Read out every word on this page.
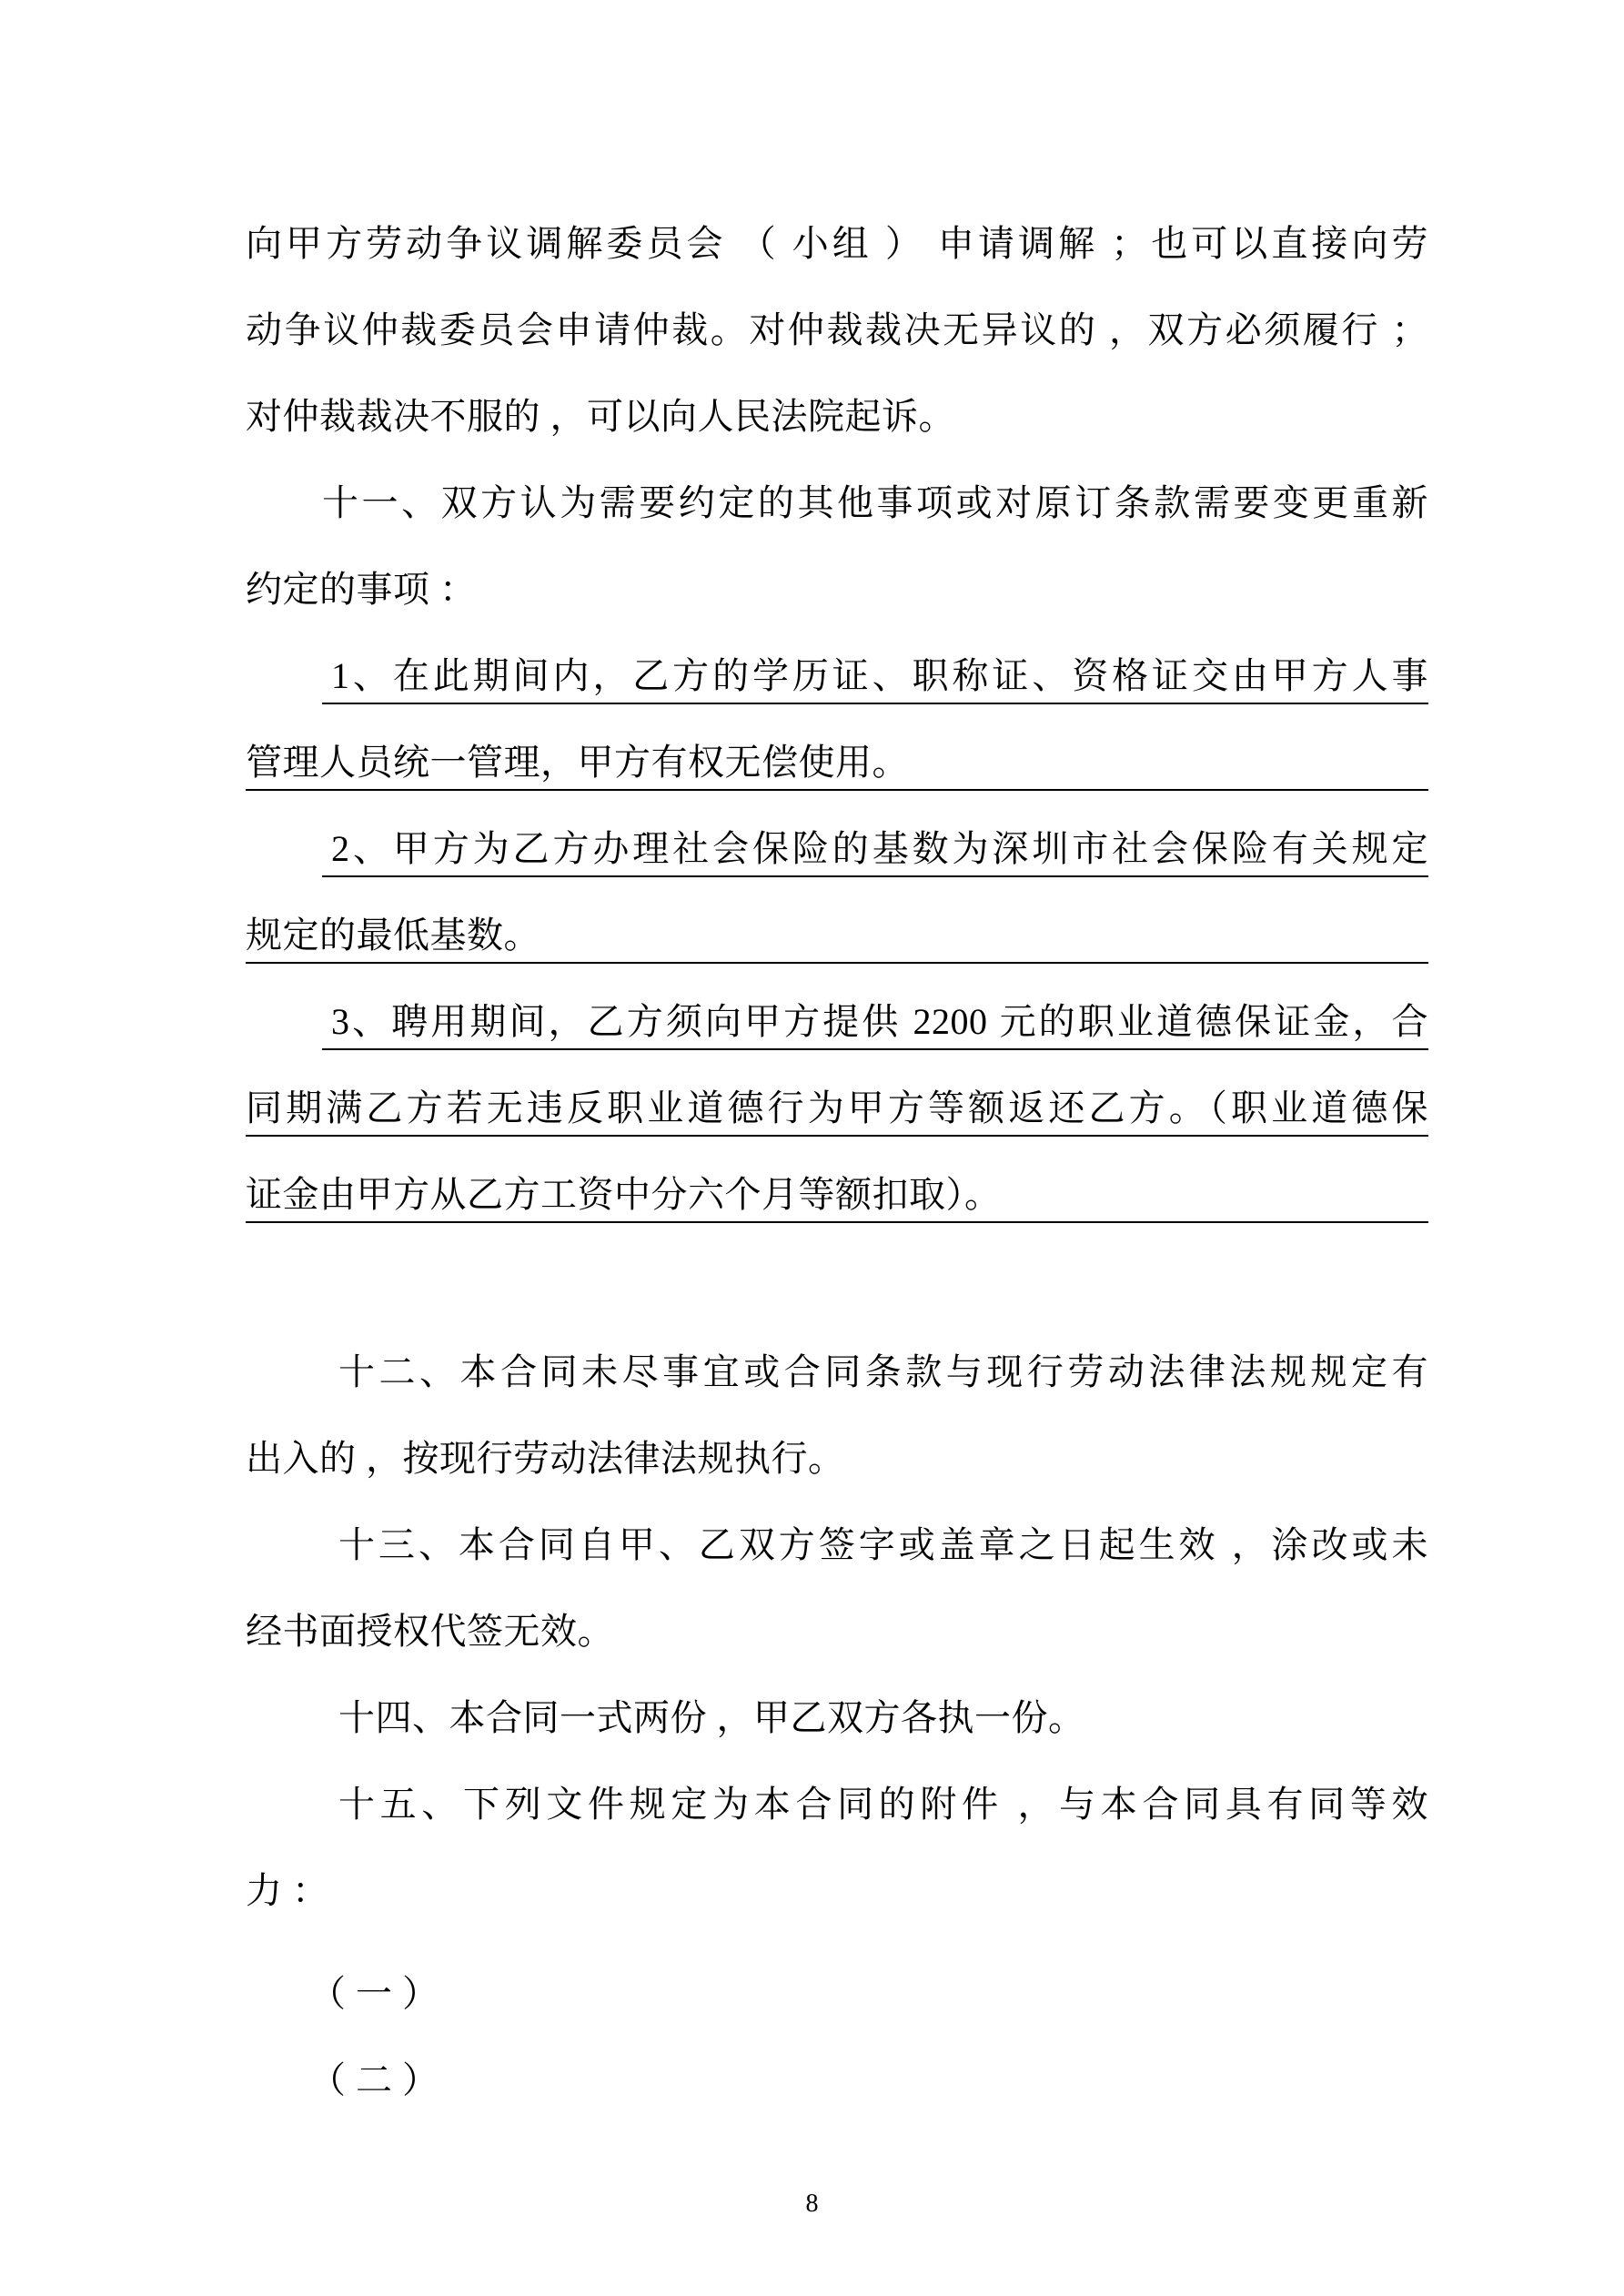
向甲方劳动争议调解委员会 （ 小组 ） 申请调解 ；也可以直接向劳
动争议仲裁委员会申请仲裁。对仲裁裁决无异议的 ，双方必须履行 ；
对仲裁裁决不服的 ，可以向人民法院起诉。
十一、双方认为需要约定的其他事项或对原订条款需要变更重新
约定的事项 ：
1、在此期间内，乙方的学历证、职称证、资格证交由甲方人事
管理人员统一管理，甲方有权无偿使用。
2、甲方为乙方办理社会保险的基数为深圳市社会保险有关规定
规定的最低基数。
3、聘用期间，乙方须向甲方提供 2200 元的职业道德保证金，合
同期满乙方若无违反职业道德行为甲方等额返还乙方。（职业道德保
证金由甲方从乙方工资中分六个月等额扣取）。
十二、本合同未尽事宜或合同条款与现行劳动法律法规规定有
出入的 ，按现行劳动法律法规执行。
十三、本合同自甲、乙双方签字或盖章之日起生效 ，涂改或未
经书面授权代签无效。
十四、本合同一式两份 ，甲乙双方各执一份。
十五、下列文件规定为本合同的附件 ，与本合同具有同等效
力 ：
（ 一 ）
（ 二 ）
8
